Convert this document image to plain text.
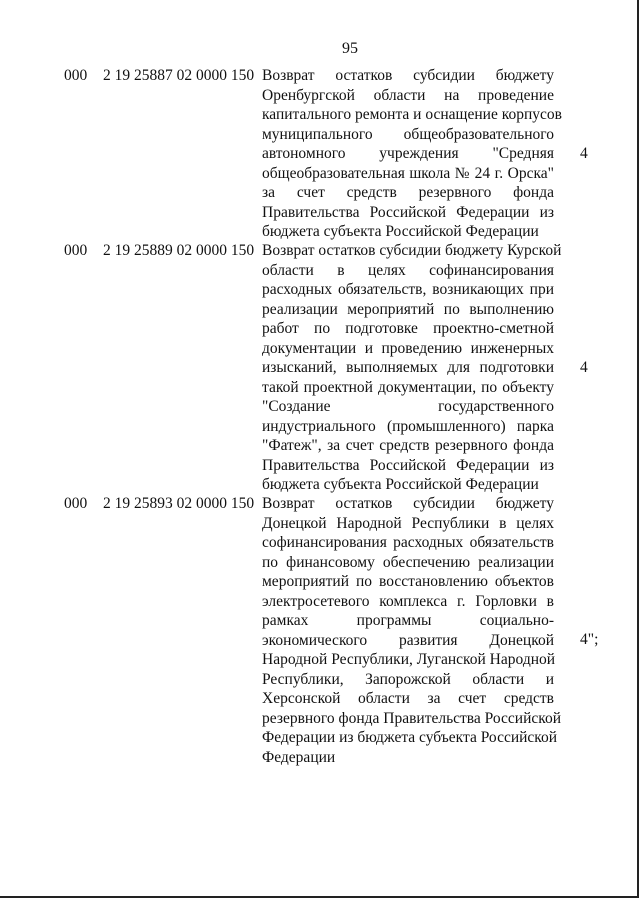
95
000 2 19 25887 02 0000 150 Возврат остатков субсидии бюджету
Оренбургской области на проведение
капитального ремонта и оснащение корпусов
муниципального общеобразовательного
автономного учреждения "Средняя
общеобразовательная школа № 24 г. Орска"
за счет средств резервного фонда
Правительства Российской Федерации из
бюджета субъекта Российской Федерации
4
000 2 19 25889 02 0000 150 Возврат остатков субсидии бюджету Курской
области в целях софинансирования
расходных обязательств, возникающих при
реализации мероприятий по выполнению
работ по подготовке проектно-сметной
документации и проведению инженерных
изысканий, выполняемых для подготовки
такой проектной документации, по объекту
"Создание государственного
индустриального (промышленного) парка
"Фатеж", за счет средств резервного фонда
Правительства Российской Федерации из
бюджета субъекта Российской Федерации
4
000 2 19 25893 02 0000 150 Возврат остатков субсидии бюджету
Донецкой Народной Республики в целях
софинансирования расходных обязательств
по финансовому обеспечению реализации
мероприятий по восстановлению объектов
электросетевого комплекса г. Горловки в
рамках программы социально-
экономического развития Донецкой
Народной Республики, Луганской Народной
Республики, Запорожской области и
Херсонской области за счет средств
резервного фонда Правительства Российской
Федерации из бюджета субъекта Российской
Федерации
4";
